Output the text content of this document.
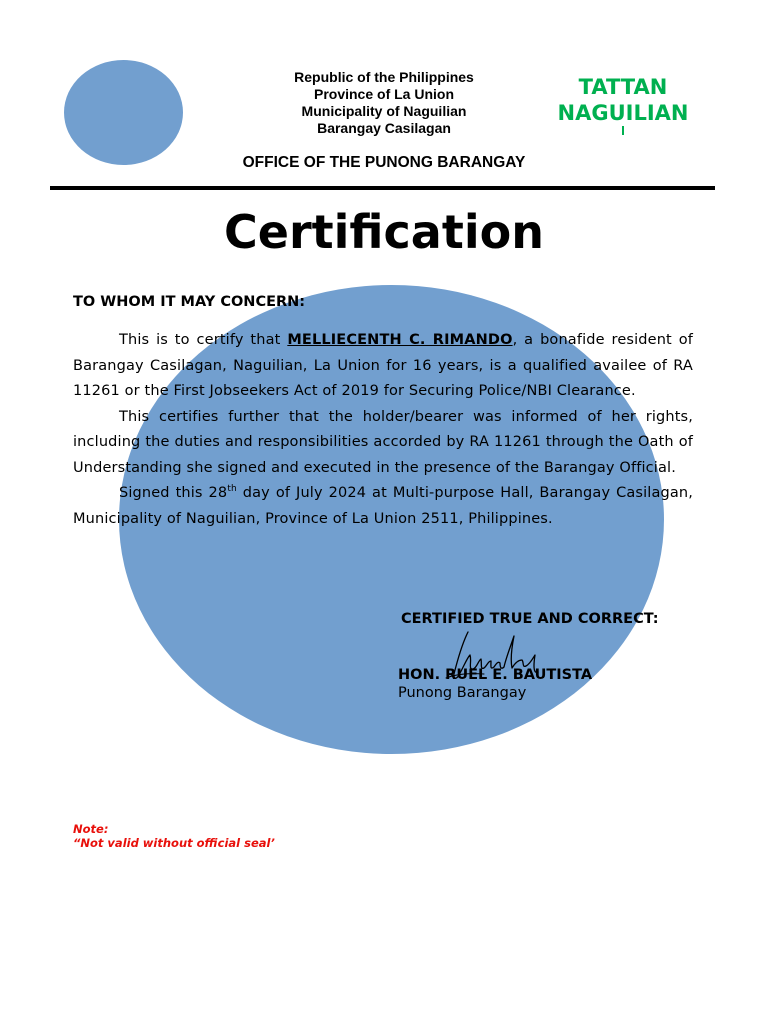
Republic of the Philippines
Province of La Union
Municipality of Naguilian
Barangay Casilagan
TATTAN
NAGUILIAN
OFFICE OF THE PUNONG BARANGAY
Certification
TO WHOM IT MAY CONCERN:

This is to certify that MELLIECENTH C. RIMANDO, a bonafide resident of Barangay Casilagan, Naguilian, La Union for 16 years, is a qualified availee of RA 11261 or the First Jobseekers Act of 2019 for Securing Police/NBI Clearance.

This certifies further that the holder/bearer was informed of her rights, including the duties and responsibilities accorded by RA 11261 through the Oath of Understanding she signed and executed in the presence of the Barangay Official.

Signed this 28th day of July 2024 at Multi-purpose Hall, Barangay Casilagan, Municipality of Naguilian, Province of La Union 2511, Philippines.

CERTIFIED TRUE AND CORRECT:
HON. RUEL E. BAUTISTA
Punong Barangay
Note:
“Not valid without official seal’
